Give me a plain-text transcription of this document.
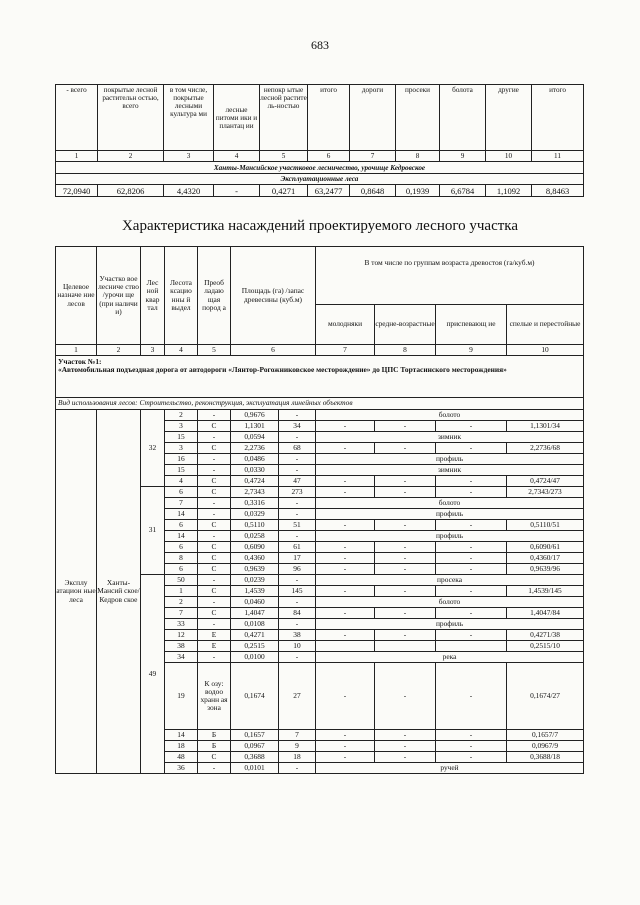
683
- всего	покрытые лесной растительн остью, всего	в том числе, покрытые лесными культура ми	лесные питоми ики и плантац ии	непокр ытые лесной растите ль-ностью	итого	дороги	просеки	болота	другие	итого
1	2	3	4	5	6	7	8	9	10	11
Ханты-Мансийское участковое лесничество, урочище Кедровское										
Эксплуатационные леса										
72,0940	62,8206	4,4320	-	0,4271	63,2477	0,8648	0,1939	6,6784	1,1092	8,8463
Характеристика насаждений проектируемого лесного участка
Целевое назначе ние лесов	Участко вое лесниче ство /урочи ще (при наличи и)	Лес ной квар тал	Лесота ксацио нны й выдел	Преоб ладаю щая пород а	Площадь (га) /запас древесины (куб.м)		В том числе по группам возраста древостоя (га/куб.м)			
							молодняки	средне-возрастные	приспевающ ие	спелые и перестойные
1	2	3	4	5	6		7	8	9	10

Участок №1:
«Автомобильная подъездная дорога от автодороги «Лянтор-Рогожниковское месторождение» до ЦПС Тортасинского месторождения»										

Вид использования лесов: Строительство, реконструкция, эксплуатация линейных объектов										
Эксплу атацион ные леса	Ханты-Мансий ское/ Кедров ское	32	2	-	0,9676	-	болото			
			3	С	1,1301	34	-	-	-	1,1301/34
			15	-	0,0594	-	зимник			
			3	С	2,2736	68	-	-	-	2,2736/68
			16	-	0,0486	-	профиль			
			15	-	0,0330	-	зимник			
			4	С	0,4724	47	-	-	-	0,4724/47
		31	6	С	2,7343	273	-	-	-	2,7343/273
			7	-	0,3316	-	болото			
			14	-	0,0329	-	профиль			
			6	С	0,5110	51	-	-	-	0,5110/51
			14	-	0,0258	-	профиль			
			6	С	0,6090	61	-	-	-	0,6090/61
			8	С	0,4360	17	-	-	-	0,4360/17
			6	С	0,9639	96	-	-	-	0,9639/96
		49	50	-	0,0239	-	просека			
			1	С	1,4539	145	-	-	-	1,4539/145
			2	-	0,0460	-	болото			
			7	С	1,4047	84	-	-	-	1,4047/84
			33	-	0,0108	-	профиль			
			12	Е	0,4271	38	-	-	-	0,4271/38
			38	Е	0,2515	10				0,2515/10
			34	-	0,0100	-	река			
			19	К озу: водоо хранн ая зона	0,1674	27	-	-	-	0,1674/27
			14	Б	0,1657	7	-	-	-	0,1657/7
			18	Б	0,0967	9	-	-	-	0,0967/9
			48	С	0,3688	18	-	-	-	0,3688/18
			36	-	0,0101	-	ручей			
